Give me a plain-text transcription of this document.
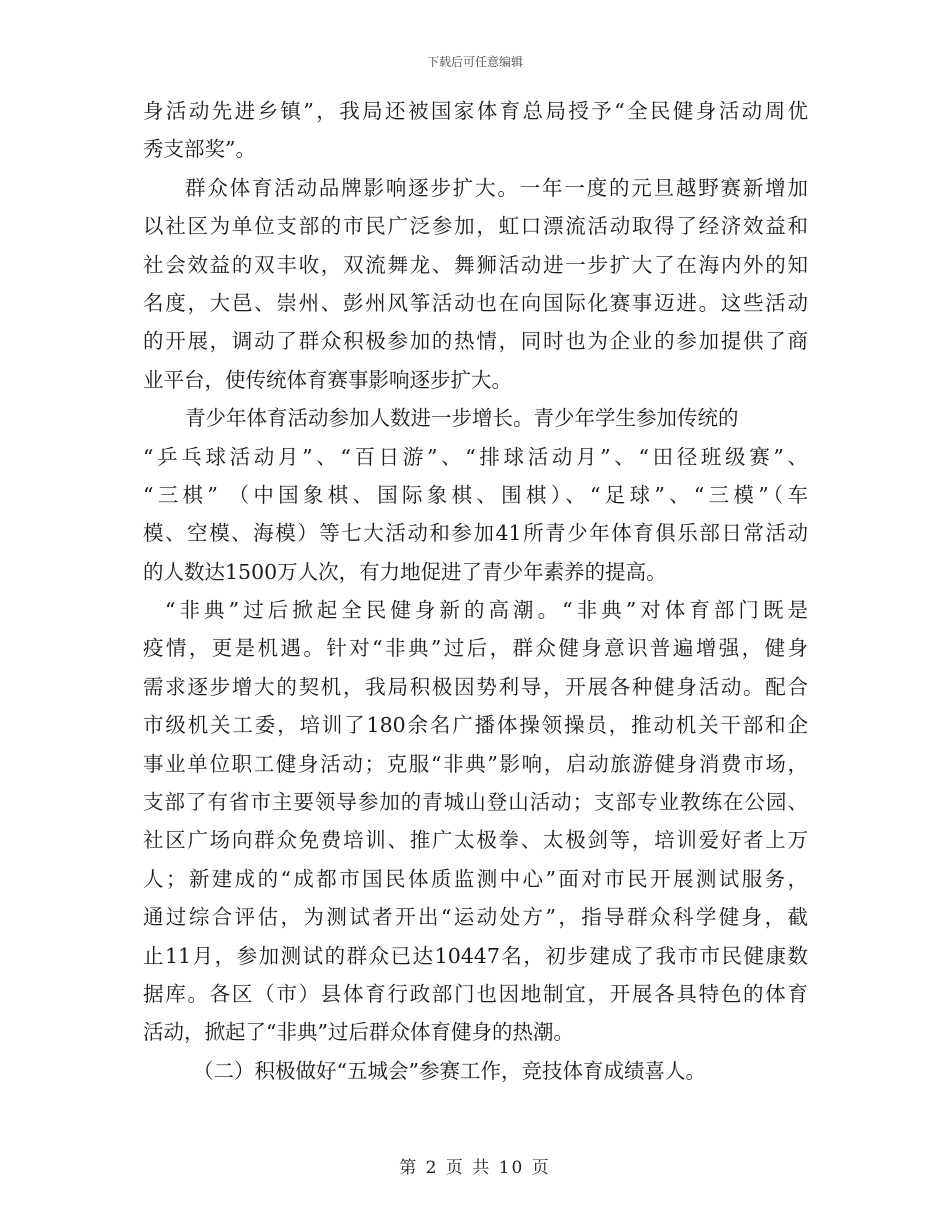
下载后可任意编辑
身活动先进乡镇”，我局还被国家体育总局授予“全民健身活动周优
秀支部奖”。
群众体育活动品牌影响逐步扩大。一年一度的元旦越野赛新增加
以社区为单位支部的市民广泛参加，虹口漂流活动取得了经济效益和
社会效益的双丰收，双流舞龙、舞狮活动进一步扩大了在海内外的知
名度，大邑、崇州、彭州风筝活动也在向国际化赛事迈进。这些活动
的开展，调动了群众积极参加的热情，同时也为企业的参加提供了商
业平台，使传统体育赛事影响逐步扩大。
青少年体育活动参加人数进一步增长。青少年学生参加传统的
“乒乓球活动月”、“百日游”、“排球活动月”、“田径班级赛”、
“三棋” （中国象棋、国际象棋、围棋）、“足球”、“三模”（车
模、空模、海模）等七大活动和参加41所青少年体育俱乐部日常活动
的人数达1500万人次，有力地促进了青少年素养的提高。
“非典”过后掀起全民健身新的高潮。“非典”对体育部门既是
疫情，更是机遇。针对“非典”过后，群众健身意识普遍增强，健身
需求逐步增大的契机，我局积极因势利导，开展各种健身活动。配合
市级机关工委，培训了180余名广播体操领操员，推动机关干部和企
事业单位职工健身活动；克服“非典”影响，启动旅游健身消费市场，
支部了有省市主要领导参加的青城山登山活动；支部专业教练在公园、
社区广场向群众免费培训、推广太极拳、太极剑等，培训爱好者上万
人；新建成的“成都市国民体质监测中心”面对市民开展测试服务，
通过综合评估，为测试者开出“运动处方”，指导群众科学健身，截
止11月，参加测试的群众已达10447名，初步建成了我市市民健康数
据库。各区（市）县体育行政部门也因地制宜，开展各具特色的体育
活动，掀起了“非典”过后群众体育健身的热潮。
（二）积极做好“五城会”参赛工作，竞技体育成绩喜人。
第 2 页 共 10 页
